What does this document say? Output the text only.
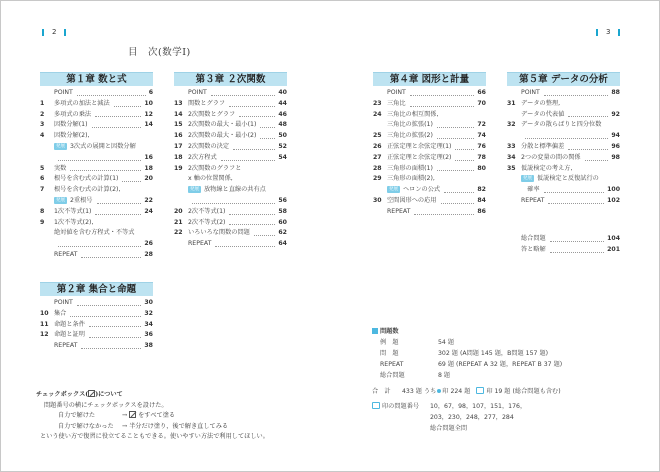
2	3
目　次(数学Ⅰ)
第１章 数と式
POINT	6
1	多項式の加法と減法	10
2	多項式の乗法	12
3	因数分解(1)	14
4	因数分解(2),
発展 3次式の展開と因数分解
16
5	実数	18
6	根号を含む式の計算(1)	20
7	根号を含む式の計算(2),
発展 2重根号	22
8	1次不等式(1)	24
9	1次不等式(2),
絶対値を含む方程式・不等式
26
REPEAT	28
第２章 集合と命題
POINT	30
10 集合	32
11 命題と条件	34
12 命題と証明	36
REPEAT	38
第３章 ２次関数
POINT	40
13 関数とグラフ	44
14 2次関数とグラフ	46
15 2次関数の最大・最小(1)	48
16 2次関数の最大・最小(2)	50
17 2次関数の決定	52
18 2次方程式	54
19 2次関数のグラフと
x 軸の位置関係,
発展 放物線と直線の共有点
56
20 2次不等式(1)	58
21 2次不等式(2)	60
22 いろいろな関数の問題	62
REPEAT	64
第４章 図形と計量
POINT	66
23 三角比	70
24 三角比の相互関係,
三角比の拡張(1)	72
25 三角比の拡張(2)	74
26 正弦定理と余弦定理(1)	76
27 正弦定理と余弦定理(2)	78
28 三角形の面積(1)	80
29 三角形の面積(2),
発展 ヘロンの公式	82
30 空間図形への応用	84
REPEAT	86
第５章 データの分析
POINT	88
31 データの整理,
データの代表値	92
32 データの散らばりと四分位数
94
33 分散と標準偏差	96
34 2つの変量の間の関係	98
35 仮説検定の考え方,
発展 仮説検定と反復試行の
　確率	100
REPEAT	102
総合問題	104
答と略解	201
チェックボックス( )について
問題番号の横にチェックボックスを設けた。
自力で解けた	→ をすべて塗る
自力で解けなかった → 半分だけ塗り，後で解き直してみる
という使い方で復習に役立てることもできる。使いやすい方法で利用してほしい。
問題数
例　題	54 題
問　題	302 題 (A問題 145 題，B問題 157 題)
REPEAT	69 題 (REPEAT A 32 題，REPEAT B 37 題)
総合問題	8 題
合　計 433 題 うち 印 224 題	印 19 題 (総合問題も含む)
印の問題番号	10，67，98，107，151，176，
203，230，248，277，284
総合問題全問
